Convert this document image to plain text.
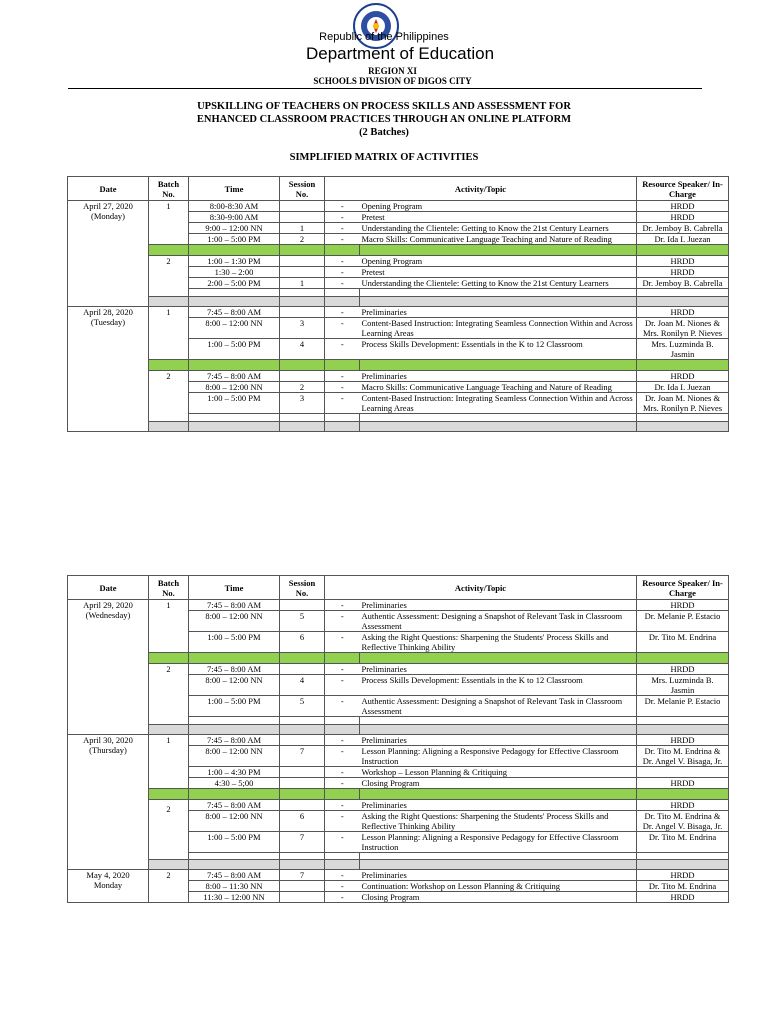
Republic of the Philippines
Department of Education
REGION XI
SCHOOLS DIVISION OF DIGOS CITY
UPSKILLING OF TEACHERS ON PROCESS SKILLS AND ASSESSMENT FOR
ENHANCED CLASSROOM PRACTICES THROUGH AN ONLINE PLATFORM
(2 Batches)
SIMPLIFIED MATRIX OF ACTIVITIES
Date	Batch No.	Time	Session No.	Activity/Topic		Resource Speaker/ In-Charge

April 27, 2020
(Monday)	1	8:00-8:30 AM		-	Opening Program	HRDD
		8:30-9:00 AM		-	Pretest	HRDD
		9:00 – 12:00 NN	1	-	Understanding the Clientele: Getting to Know the 21st Century Learners	Dr. Jemboy B. Cabrella
		1:00 – 5:00 PM	2	-	Macro Skills: Communicative Language Teaching and Nature of Reading	Dr. Ida I. Juezan

	2	1:00 – 1:30 PM		-	Opening Program	HRDD
		1:30 – 2:00		-	Pretest	HRDD
		2:00 – 5:00 PM	1	-	Understanding the Clientele: Getting to Know the 21st Century Learners	Dr. Jemboy B. Cabrella

April 28, 2020
(Tuesday)	1	7:45 – 8:00 AM		-	Preliminaries	HRDD
		8:00 – 12:00 NN	3	-	Content-Based Instruction: Integrating Seamless Connection Within and Across Learning Areas	Dr. Joan M. Niones & Mrs. Ronilyn P. Nieves
		1:00 – 5:00 PM	4	-	Process Skills Development: Essentials in the K to 12 Classroom	Mrs. Luzminda B. Jasmin

	2	7:45 – 8:00 AM		-	Preliminaries	HRDD
		8:00 – 12:00 NN	2	-	Macro Skills: Communicative Language Teaching and Nature of Reading	Dr. Ida I. Juezan
		1:00 – 5:00 PM	3	-	Content-Based Instruction: Integrating Seamless Connection Within and Across Learning Areas	Dr. Joan M. Niones & Mrs. Ronilyn P. Nieves

Date	Batch No.	Time	Session No.	Activity/Topic		Resource Speaker/ In-Charge

April 29, 2020
(Wednesday)	1	7:45 – 8:00 AM		-	Preliminaries	HRDD
		8:00 – 12:00 NN	5	-	Authentic Assessment: Designing a Snapshot of Relevant Task in Classroom Assessment	Dr. Melanie P. Estacio
		1:00 – 5:00 PM	6	-	Asking the Right Questions: Sharpening the Students' Process Skills and Reflective Thinking Ability	Dr. Tito M. Endrina

	2	7:45 – 8:00 AM		-	Preliminaries	HRDD
		8:00 – 12:00 NN	4	-	Process Skills Development: Essentials in the K to 12 Classroom	Mrs. Luzminda B. Jasmin
		1:00 – 5:00 PM	5	-	Authentic Assessment: Designing a Snapshot of Relevant Task in Classroom Assessment	Dr. Melanie P. Estacio

April 30, 2020
(Thursday)	1	7:45 – 8:00 AM		-	Preliminaries	HRDD
		8:00 – 12:00 NN	7	-	Lesson Planning: Aligning a Responsive Pedagogy for Effective Classroom Instruction	Dr. Tito M. Endrina & Dr. Angel V. Bisaga, Jr.
		1:00 – 4:30 PM		-	Workshop – Lesson Planning & Critiquing	
		4:30 – 5;00		-	Closing Program	HRDD

	2	7:45 – 8:00 AM		-	Preliminaries	HRDD
		8:00 – 12:00 NN	6	-	Asking the Right Questions: Sharpening the Students' Process Skills and Reflective Thinking Ability	Dr. Tito M. Endrina & Dr. Angel V. Bisaga, Jr.
		1:00 – 5:00 PM	7	-	Lesson Planning: Aligning a Responsive Pedagogy for Effective Classroom Instruction	Dr. Tito M. Endrina

May 4, 2020
Monday	2	7:45 – 8:00 AM	7	-	Preliminaries	HRDD
		8:00 – 11:30 NN		-	Continuation: Workshop on Lesson Planning & Critiquing	Dr. Tito M. Endrina
		11:30 – 12:00 NN		-	Closing Program	HRDD
